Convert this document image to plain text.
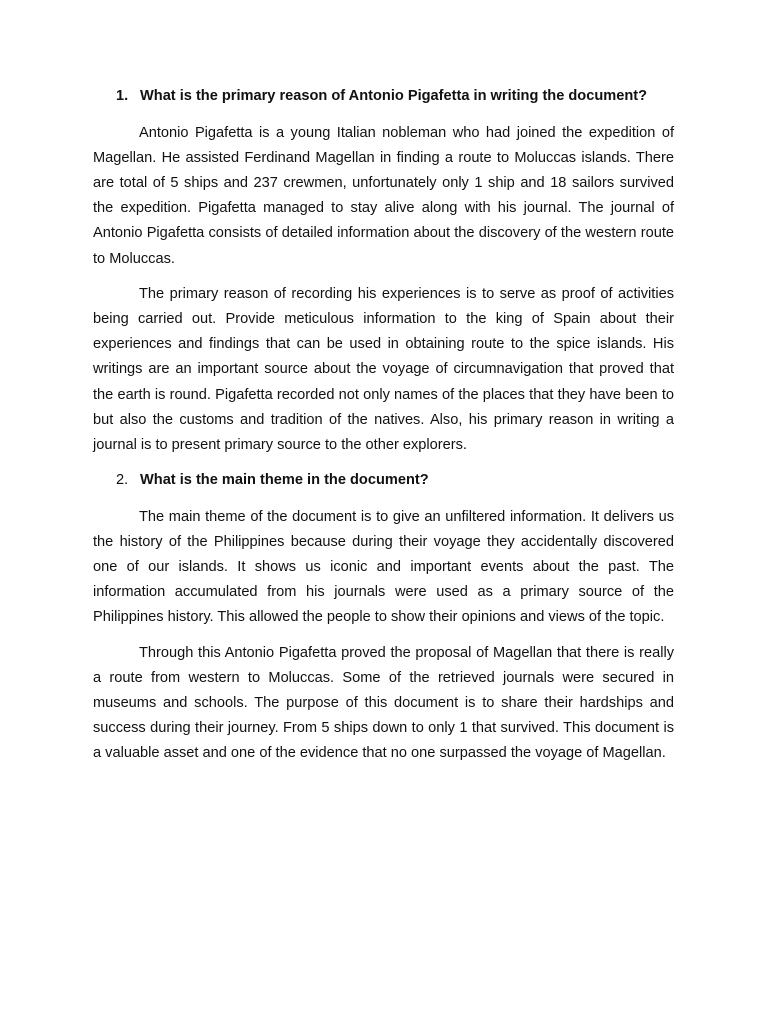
1. What is the primary reason of Antonio Pigafetta in writing the document?

Antonio Pigafetta is a young Italian nobleman who had joined the expedition of Magellan. He assisted Ferdinand Magellan in finding a route to Moluccas islands. There are total of 5 ships and 237 crewmen, unfortunately only 1 ship and 18 sailors survived the expedition. Pigafetta managed to stay alive along with his journal. The journal of Antonio Pigafetta consists of detailed information about the discovery of the western route to Moluccas.

The primary reason of recording his experiences is to serve as proof of activities being carried out. Provide meticulous information to the king of Spain about their experiences and findings that can be used in obtaining route to the spice islands. His writings are an important source about the voyage of circumnavigation that proved that the earth is round. Pigafetta recorded not only names of the places that they have been to but also the customs and tradition of the natives. Also, his primary reason in writing a journal is to present primary source to the other explorers.

2. What is the main theme in the document?

The main theme of the document is to give an unfiltered information. It delivers us the history of the Philippines because during their voyage they accidentally discovered one of our islands. It shows us iconic and important events about the past. The information accumulated from his journals were used as a primary source of the Philippines history. This allowed the people to show their opinions and views of the topic.

Through this Antonio Pigafetta proved the proposal of Magellan that there is really a route from western to Moluccas. Some of the retrieved journals were secured in museums and schools. The purpose of this document is to share their hardships and success during their journey. From 5 ships down to only 1 that survived. This document is a valuable asset and one of the evidence that no one surpassed the voyage of Magellan.
